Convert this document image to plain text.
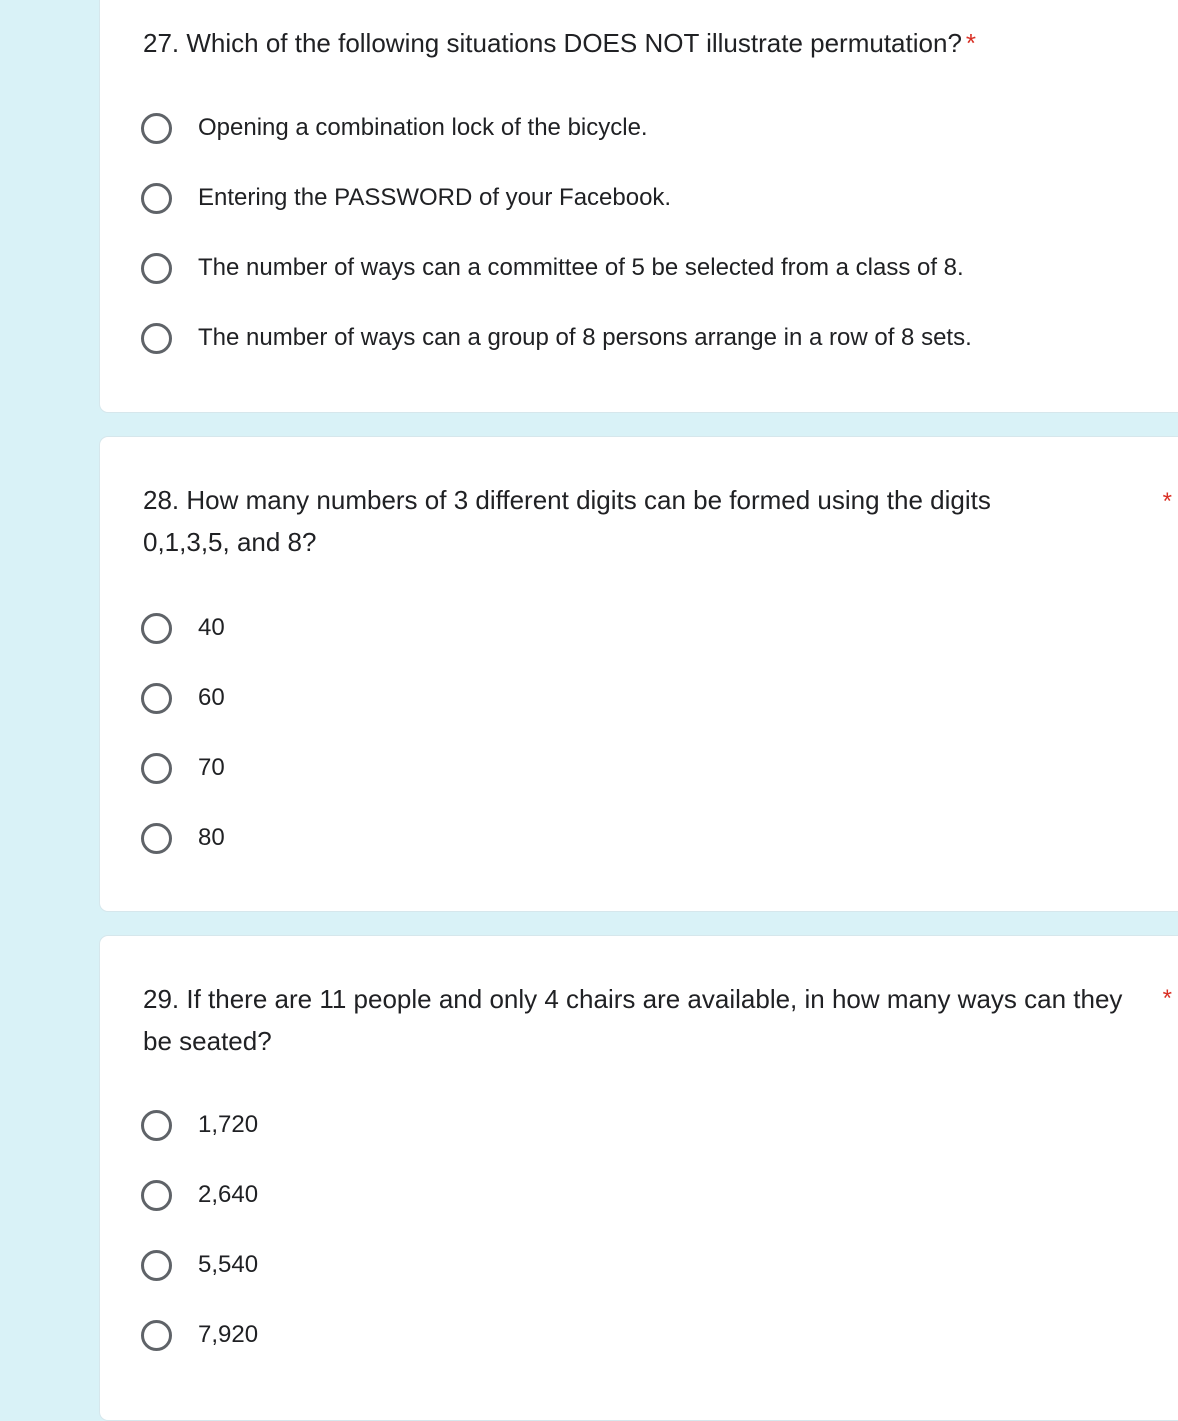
27. Which of the following situations DOES NOT illustrate permutation? *
Opening a combination lock of the bicycle.
Entering the PASSWORD of your Facebook.
The number of ways can a committee of 5 be selected from a class of 8.
The number of ways can a group of 8 persons arrange in a row of 8 sets.
28. How many numbers of 3 different digits can be formed using the digits 0,1,3,5, and 8?
*
40
60
70
80
29. If there are 11 people and only 4 chairs are available, in how many ways can they be seated?
*
1,720
2,640
5,540
7,920
